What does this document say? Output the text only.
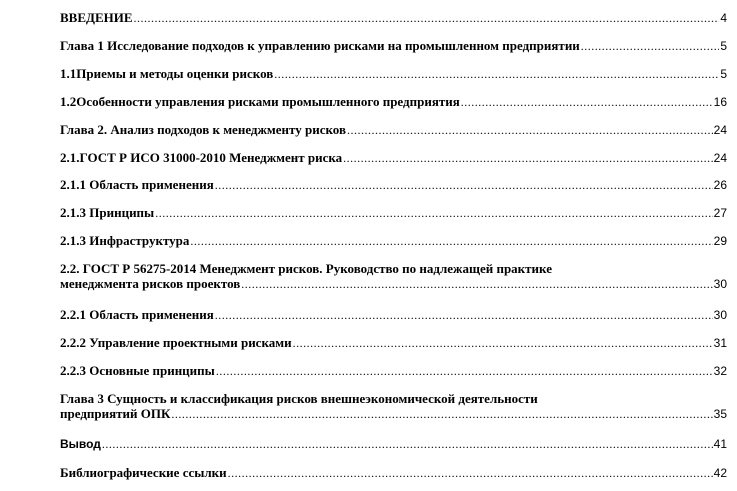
ВВЕДЕНИЕ .....	4
Глава 1 Исследование подходов к управлению рисками на промышленном предприятии .....	5
1.1Приемы и методы оценки рисков .....	5
1.2Особенности управления рисками промышленного предприятия .....	16
Глава 2. Анализ подходов к менеджменту рисков .....	24
2.1.ГОСТ Р ИСО 31000-2010 Менеджмент риска .....	24
2.1.1 Область применения .....	26
2.1.3 Принципы .....	27
2.1.3 Инфраструктура .....	29
2.2. ГОСТ Р 56275-2014 Менеджмент рисков. Руководство по надлежащей практике
менеджмента рисков проектов .....	30
2.2.1 Область применения .....	30
2.2.2 Управление проектными рисками .....	31
2.2.3 Основные принципы .....	32
Глава 3 Сущность и классификация рисков внешнеэкономической деятельности
предприятий ОПК .....	35
Вывод .....	41
Библиографические ссылки .....	42
